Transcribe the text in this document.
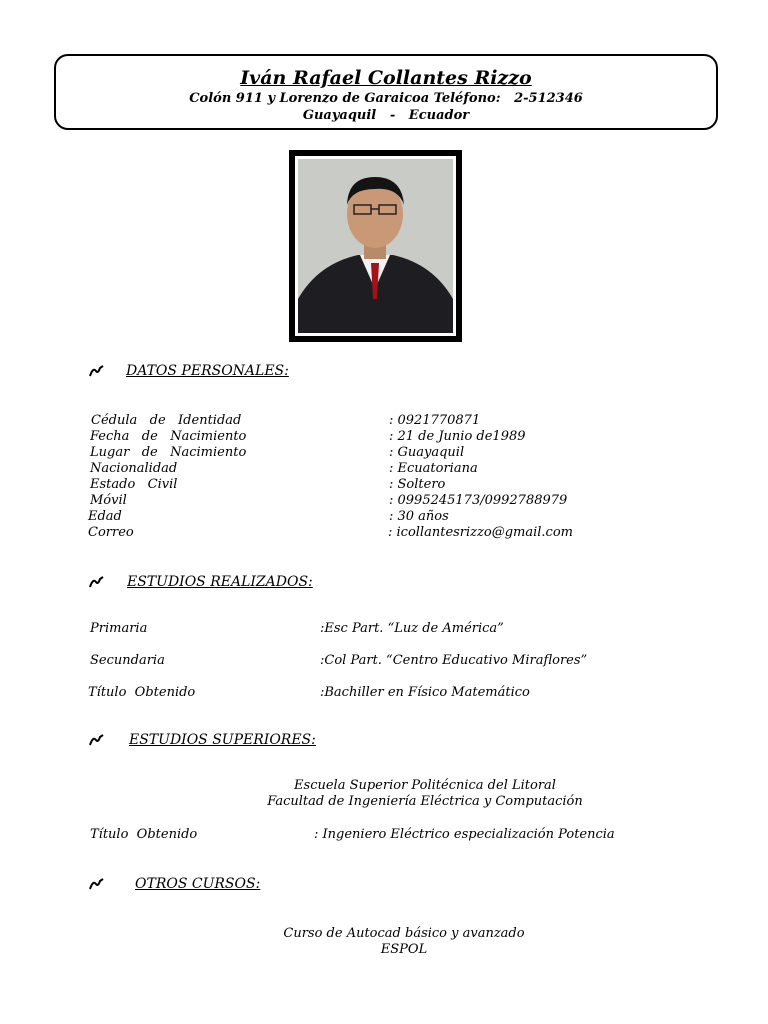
Iván Rafael Collantes Rizzo
Colón 911 y Lorenzo de Garaicoa Teléfono:   2-512346
Guayaquil   -   Ecuador
DATOS PERSONALES:
Cédula   de   Identidad	: 0921770871
Fecha   de   Nacimiento	: 21 de Junio de1989
Lugar   de   Nacimiento	: Guayaquil
Nacionalidad	: Ecuatoriana
Estado   Civil	: Soltero
Móvil	: 0995245173/0992788979
Edad	: 30 años
Correo	: icollantesrizzo@gmail.com
ESTUDIOS REALIZADOS:
Primaria	:Esc Part. “Luz de América”
Secundaria	:Col Part. “Centro Educativo Miraflores”
Título  Obtenido	:Bachiller en Físico Matemático
ESTUDIOS SUPERIORES:
Escuela Superior Politécnica del Litoral
Facultad de Ingeniería Eléctrica y Computación
Título  Obtenido	: Ingeniero Eléctrico especialización Potencia
OTROS CURSOS:
Curso de Autocad básico y avanzado
ESPOL
